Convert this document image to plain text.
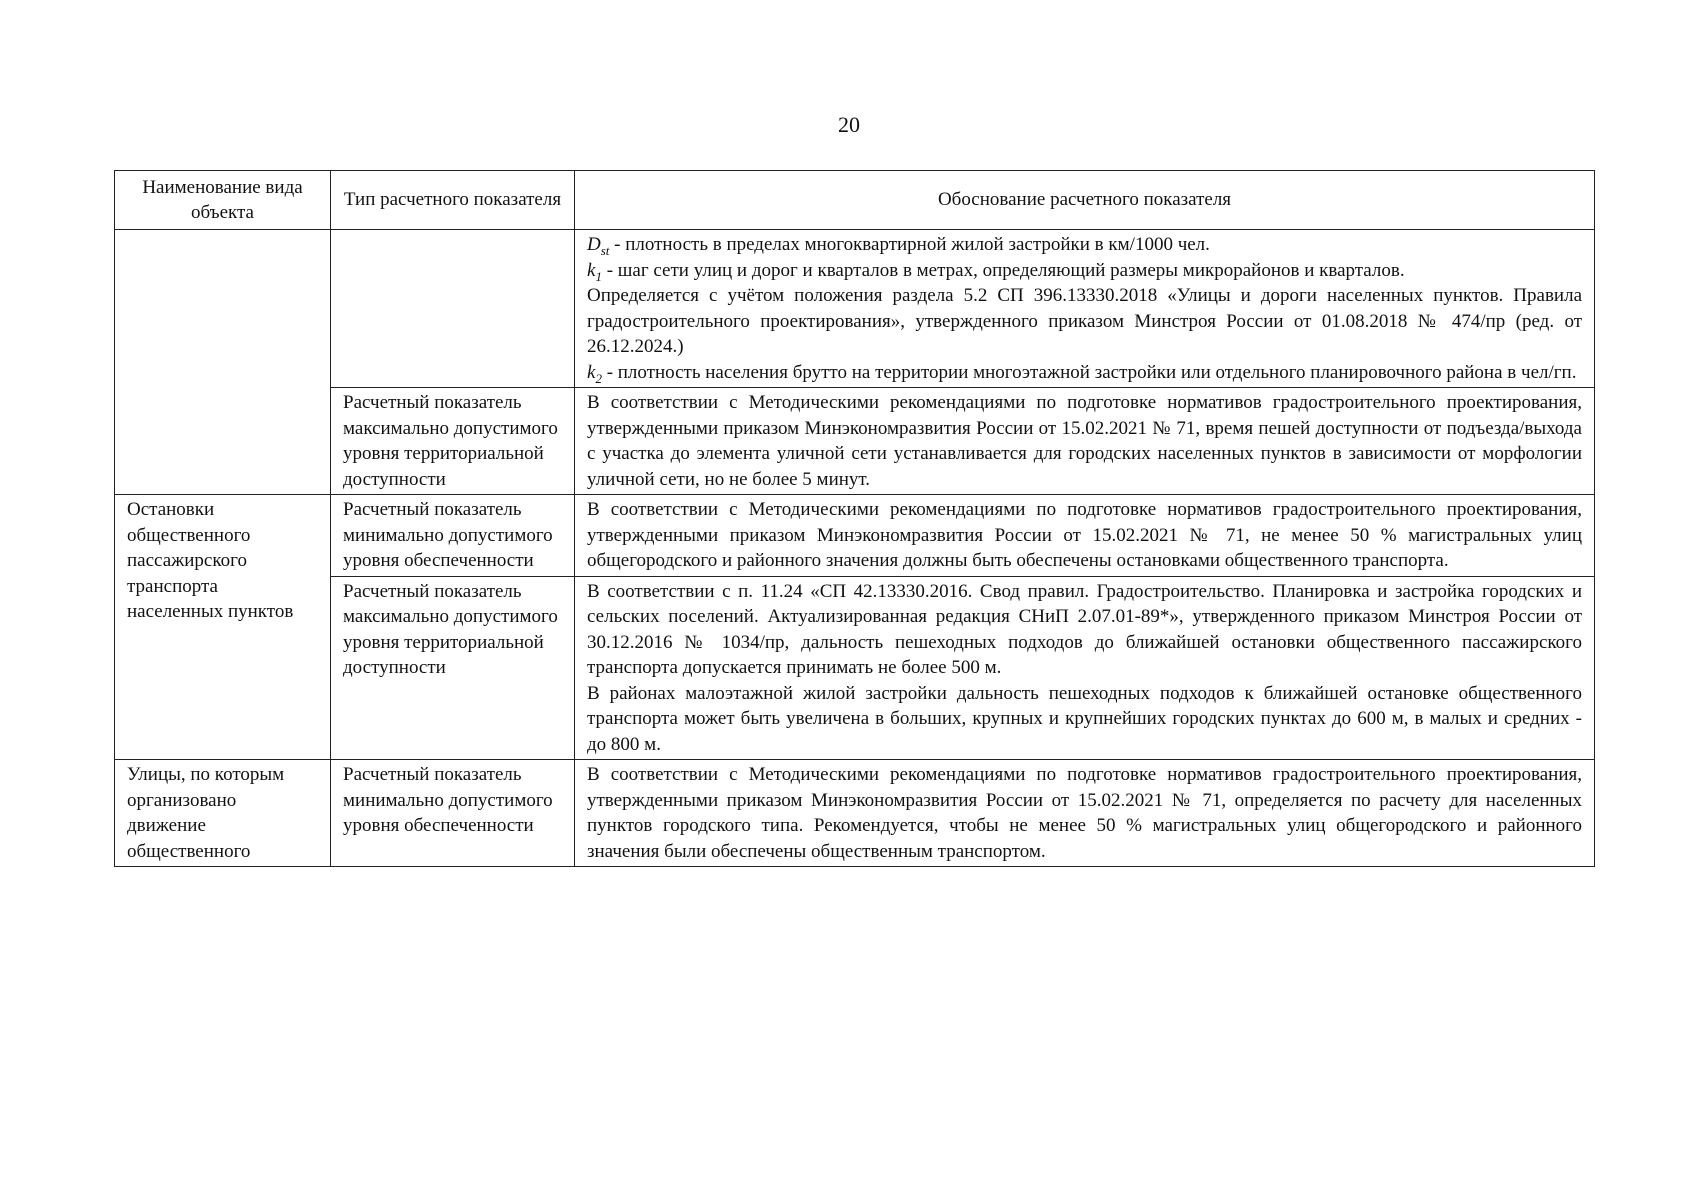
20
Наименование вида объекта	Тип расчетного показателя	Обоснование расчетного показателя

		$D_{st}$ - плотность в пределах многоквартирной жилой застройки в км/1000 чел.

$k_1$ - шаг сети улиц и дорог и кварталов в метрах, определяющий размеры микрорайонов и кварталов.

Определяется с учётом положения раздела 5.2 СП 396.13330.2018 «Улицы и дороги населенных пунктов. Правила градостроительного проектирования», утвержденного приказом Минстроя России от 01.08.2018 № 474/пр (ред. от 26.12.2024.)

$k_2$ - плотность населения брутто на территории многоэтажной застройки или отдельного планировочного района в чел/гп.

	Расчетный показатель максимально допустимого уровня территориальной доступности	В соответствии с Методическими рекомендациями по подготовке нормативов градостроительного проектирования, утвержденными приказом Минэкономразвития России от 15.02.2021 № 71, время пешей доступности от подъезда/выхода с участка до элемента уличной сети устанавливается для городских населенных пунктов в зависимости от морфологии уличной сети, но не более 5 минут.

Остановки общественного пассажирского транспорта населенных пунктов	Расчетный показатель минимально допустимого уровня обеспеченности	В соответствии с Методическими рекомендациями по подготовке нормативов градостроительного проектирования, утвержденными приказом Минэкономразвития России от 15.02.2021 № 71, не менее 50 % магистральных улиц общегородского и районного значения должны быть обеспечены остановками общественного транспорта.

	Расчетный показатель максимально допустимого уровня территориальной доступности	В соответствии с п. 11.24 «СП 42.13330.2016. Свод правил. Градостроительство. Планировка и застройка городских и сельских поселений. Актуализированная редакция СНиП 2.07.01-89*», утвержденного приказом Минстроя России от 30.12.2016 № 1034/пр, дальность пешеходных подходов до ближайшей остановки общественного пассажирского транспорта допускается принимать не более 500 м.

В районах малоэтажной жилой застройки дальность пешеходных подходов к ближайшей остановке общественного транспорта может быть увеличена в больших, крупных и крупнейших городских пунктах до 600 м, в малых и средних - до 800 м.

Улицы, по которым организовано движение общественного	Расчетный показатель минимально допустимого уровня обеспеченности	В соответствии с Методическими рекомендациями по подготовке нормативов градостроительного проектирования, утвержденными приказом Минэкономразвития России от 15.02.2021 № 71, определяется по расчету для населенных пунктов городского типа. Рекомендуется, чтобы не менее 50 % магистральных улиц общегородского и районного значения были обеспечены общественным транспортом.
